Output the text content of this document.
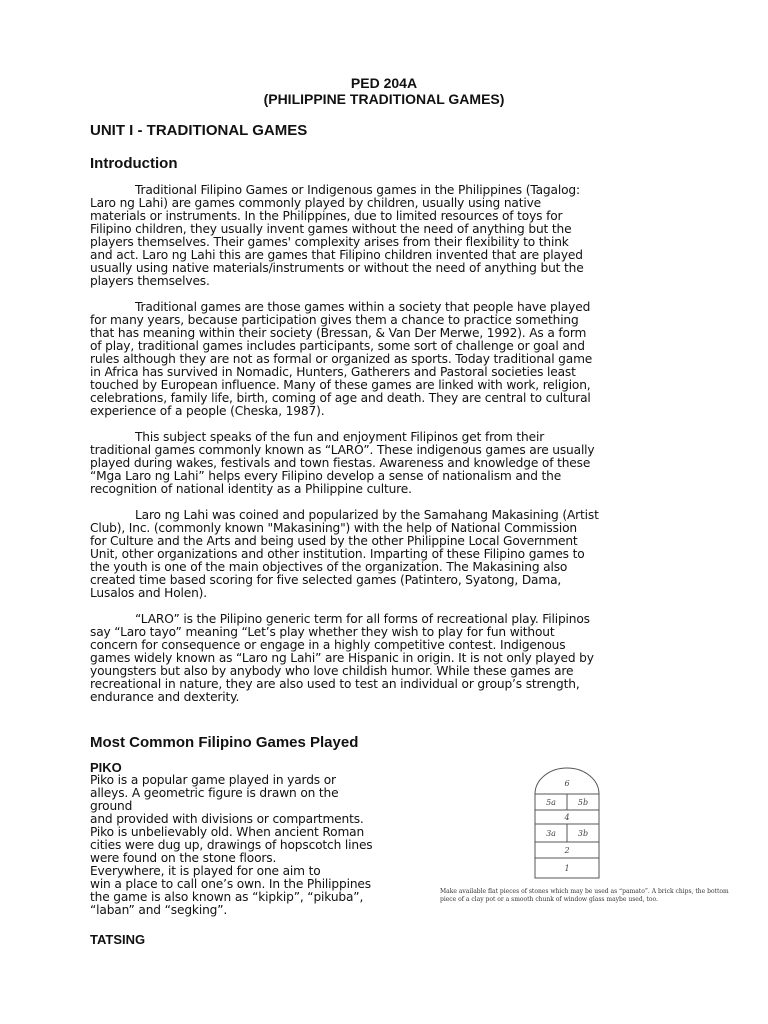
PED 204A
(PHILIPPINE TRADITIONAL GAMES)
UNIT I - TRADITIONAL GAMES
Introduction
Traditional Filipino Games or Indigenous games in the Philippines (Tagalog:
Laro ng Lahi) are games commonly played by children, usually using native
materials or instruments. In the Philippines, due to limited resources of toys for
Filipino children, they usually invent games without the need of anything but the
players themselves. Their games' complexity arises from their flexibility to think
and act. Laro ng Lahi this are games that Filipino children invented that are played
usually using native materials/instruments or without the need of anything but the
players themselves.
Traditional games are those games within a society that people have played
for many years, because participation gives them a chance to practice something
that has meaning within their society (Bressan, & Van Der Merwe, 1992). As a form
of play, traditional games includes participants, some sort of challenge or goal and
rules although they are not as formal or organized as sports. Today traditional game
in Africa has survived in Nomadic, Hunters, Gatherers and Pastoral societies least
touched by European influence. Many of these games are linked with work, religion,
celebrations, family life, birth, coming of age and death. They are central to cultural
experience of a people (Cheska, 1987).
This subject speaks of the fun and enjoyment Filipinos get from their
traditional games commonly known as “LARO”. These indigenous games are usually
played during wakes, festivals and town fiestas. Awareness and knowledge of these
“Mga Laro ng Lahi” helps every Filipino develop a sense of nationalism and the
recognition of national identity as a Philippine culture.
Laro ng Lahi was coined and popularized by the Samahang Makasining (Artist
Club), Inc. (commonly known "Makasining") with the help of National Commission
for Culture and the Arts and being used by the other Philippine Local Government
Unit, other organizations and other institution. Imparting of these Filipino games to
the youth is one of the main objectives of the organization. The Makasining also
created time based scoring for five selected games (Patintero, Syatong, Dama,
Lusalos and Holen).
“LARO” is the Pilipino generic term for all forms of recreational play. Filipinos
say “Laro tayo” meaning “Let’s play whether they wish to play for fun without
concern for consequence or engage in a highly competitive contest. Indigenous
games widely known as “Laro ng Lahi” are Hispanic in origin. It is not only played by
youngsters but also by anybody who love childish humor. While these games are
recreational in nature, they are also used to test an individual or group’s strength,
endurance and dexterity.
Most Common Filipino Games Played
PIKO
Piko is a popular game played in yards or
alleys. A geometric figure is drawn on the
ground
and provided with divisions or compartments.
Piko is unbelievably old. When ancient Roman
cities were dug up, drawings of hopscotch lines
were found on the stone floors.
Everywhere, it is played for one aim to
win a place to call one’s own. In the Philippines
the game is also known as “kipkip”, “pikuba”,
“laban” and “segking”.
6
5a	5b
4
3a	3b
2
1
Make available flat pieces of stones which may be used as “pamato”. A brick chips, the bottom
piece of a clay pot or a smooth chunk of window glass maybe used, too.
TATSING
